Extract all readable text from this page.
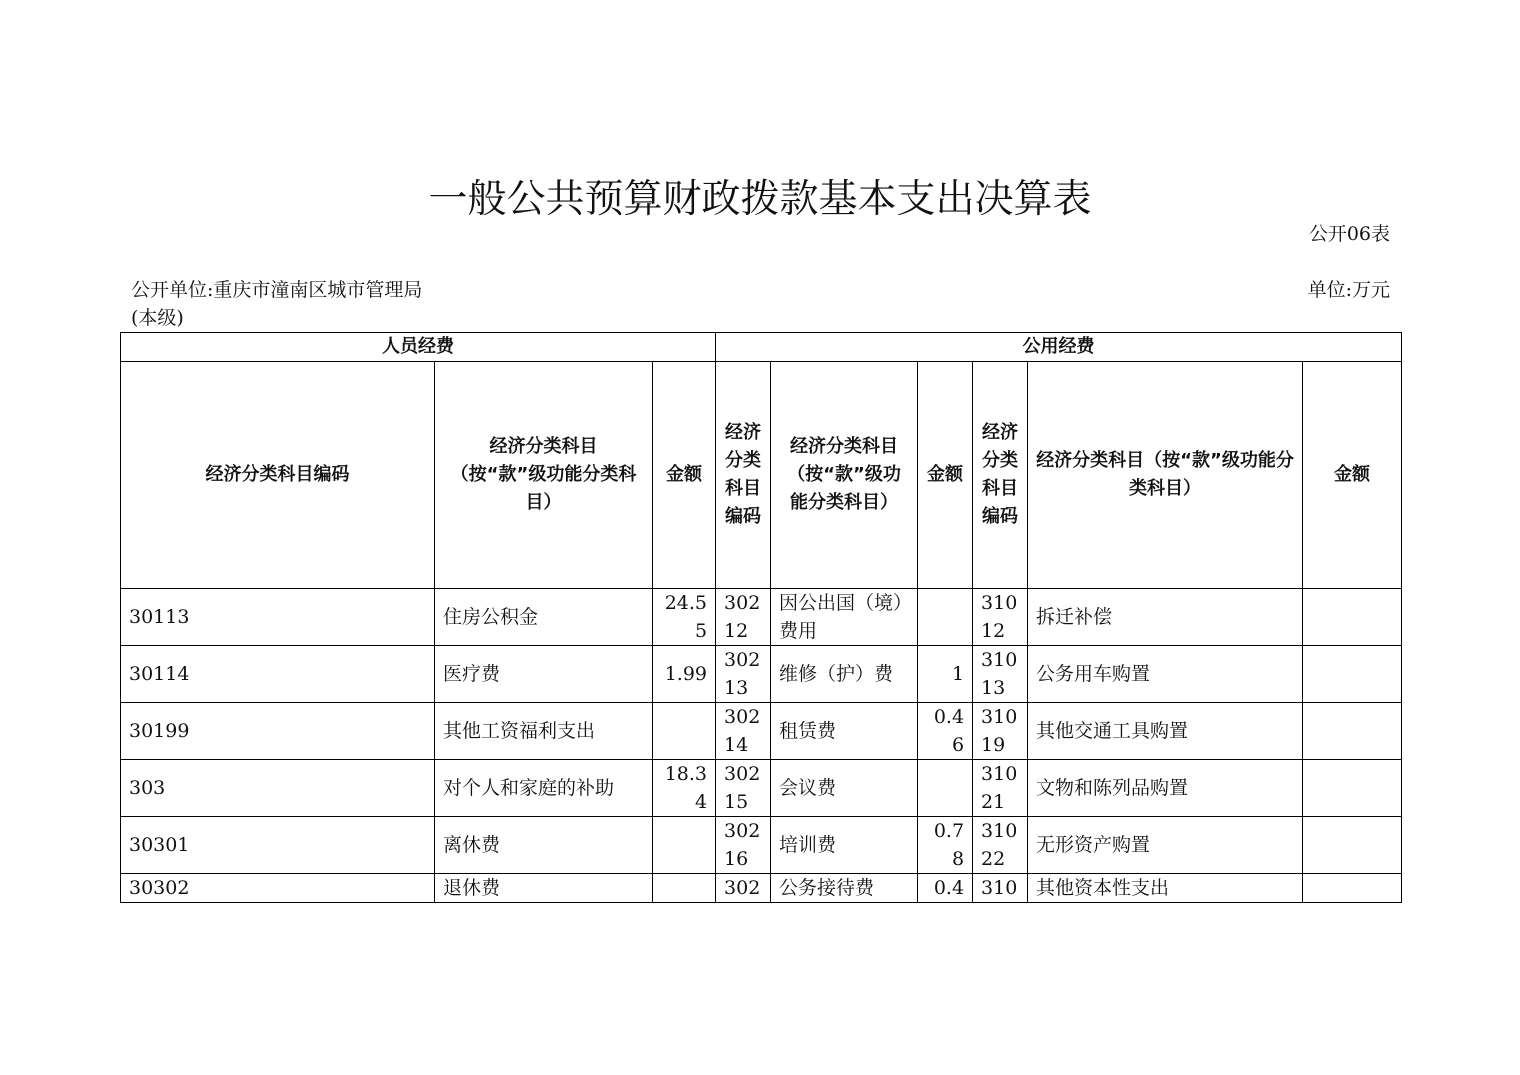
一般公共预算财政拨款基本支出决算表
公开06表
公开单位:重庆市潼南区城市管理局(本级)
单位:万元
人员经费			公用经费					
经济分类科目编码	经济分类科目（按“款”级功能分类科目）	金额	经济分类科目编码	经济分类科目（按“款”级功能分类科目）	金额	经济分类科目编码	经济分类科目（按“款”级功能分类科目）	金额
30113	住房公积金	24.55	30212	因公出国（境）费用		31012	拆迁补偿	
30114	医疗费	1.99	30213	维修（护）费	1	31013	公务用车购置	
30199	其他工资福利支出		30214	租赁费	0.46	31019	其他交通工具购置	
303	对个人和家庭的补助	18.34	30215	会议费		31021	文物和陈列品购置	
30301	离休费		30216	培训费	0.78	31022	无形资产购置	
30302	退休费		302	公务接待费	0.4	310	其他资本性支出	
